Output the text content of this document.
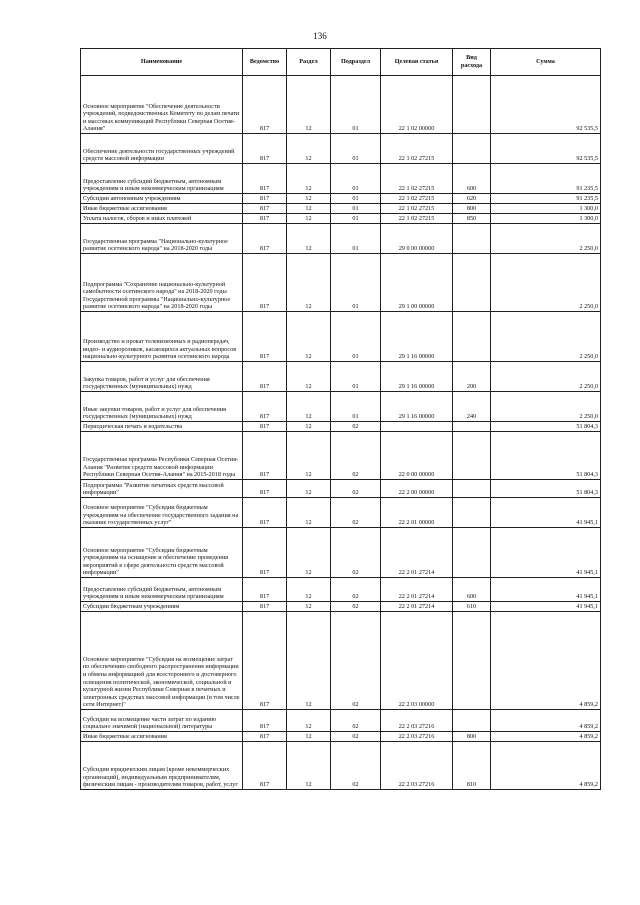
136
Наименование	Ведомство	Раздел	Подраздел	Целевая статья	Вид расхода	Сумма
Основное мероприятие "Обеспечение деятельности учреждений, подведомственных Комитету по делам печати и массовых коммуникаций Республики Северная Осетия-Алания"	817	12	01	22 1 02 00000		92 535,5
Обеспечение деятельности государственных учреждений средств массовой информации	817	12	01	22 1 02 27215		92 535,5
Предоставление субсидий бюджетным, автономным учреждениям и иным некоммерческим организациям	817	12	01	22 1 02 27215	600	91 235,5
Субсидии автономным учреждениям	817	12	01	22 1 02 27215	620	91 235,5
Иные бюджетные ассигнования	817	12	01	22 1 02 27215	800	1 300,0
Уплата налогов, сборов и иных платежей	817	12	01	22 1 02 27215	850	1 300,0
Государственная программа "Национально-культурное развитие осетинского народа" на 2018-2020 годы	817	12	01	29 0 00 00000		2 250,0
Подпрограмма "Сохранение национально-культурной самобытности осетинского народа" на 2018-2020 годы Государственной программы "Национально-культурное развитие осетинского народа" на 2018-2020 годы	817	12	01	29 1 00 00000		2 250,0
Производство и прокат телевизионных и радиопередач, видео- и аудиороликов, касающихся актуальных вопросов национально-культурного развития осетинского народа	817	12	01	29 1 16 00000		2 250,0
Закупка товаров, работ и услуг для обеспечения государственных (муниципальных) нужд	817	12	01	29 1 16 00000	200	2 250,0
Иные закупки товаров, работ и услуг для обеспечения государственных (муниципальных) нужд	817	12	01	29 1 16 00000	240	2 250,0
Периодическая печать и издательства	817	12	02			51 804,3
Государственная программа Республики Северная Осетия-Алания "Развитие средств массовой информации Республики Северная Осетия-Алания" на 2015-2018 годы	817	12	02	22 0 00 00000		51 804,3
Подпрограмма "Развитие печатных средств массовой информации"	817	12	02	22 2 00 00000		51 804,3
Основное мероприятие "Субсидии бюджетным учреждениям на обеспечение государственного задания на оказание государственных услуг"	817	12	02	22 2 01 00000		41 945,1
Основное мероприятие "Субсидии бюджетным учреждениям на оснащение и обеспечение проведения мероприятий в сфере деятельности средств массовой информации"	817	12	02	22 2 01 27214		41 945,1
Предоставление субсидий бюджетным, автономным учреждениям и иным некоммерческим организациям	817	12	02	22 2 01 27214	600	41 945,1
Субсидии бюджетным учреждениям	817	12	02	22 2 01 27214	610	41 945,1
Основное мероприятие "Субсидия на возмещение затрат по обеспечению свободного распространения информации и обмена информацией для всестороннего и достоверного освещения политической, экономической, социальной и культурной жизни Республики Северная в печатных и электронных средствах массовой информации (в том числе сети Интернет)"	817	12	02	22 2 03 00000		4 859,2
Субсидии на возмещение части затрат по изданию социально значимой (национальной) литературы	817	12	02	22 2 03 27216		4 859,2
Иные бюджетные ассигнования	817	12	02	22 2 03 27216	800	4 859,2
Субсидии юридическим лицам (кроме некоммерческих организаций), индивидуальным предпринимателям, физическим лицам - производителям товаров, работ, услуг	817	12	02	22 2 03 27216	810	4 859,2
